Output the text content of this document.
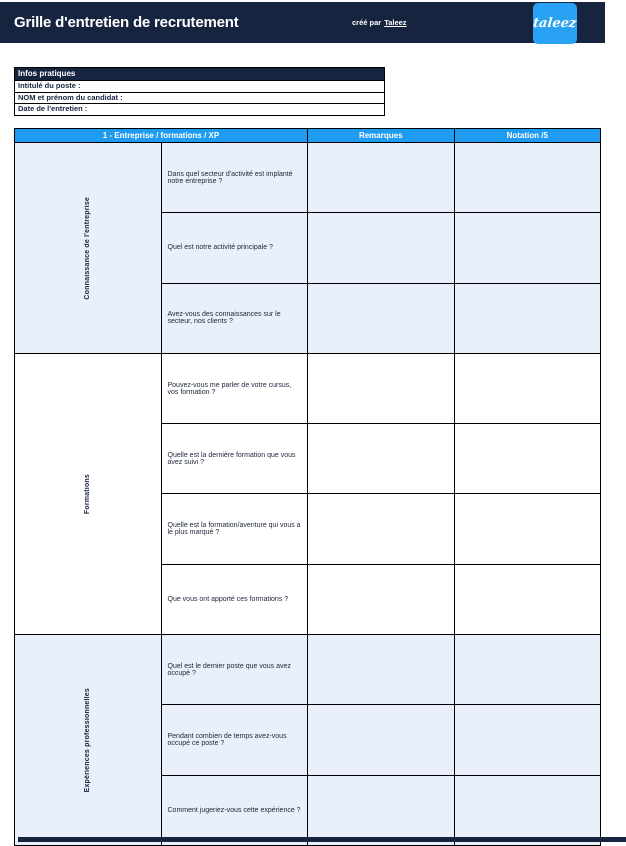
Grille d'entretien de recrutement	créé par Taleez	taleez
Infos pratiques
Intitulé du poste :
NOM et prénom du candidat :
Date de l'entretien :
1 - Entreprise / formations / XP		Remarques	Notation /5

Connaissance de l'entreprise	Dans quel secteur d'activité est implanté notre entreprise ?		
	Quel est notre activité principale ?		
	Avez-vous des connaissances sur le secteur, nos clients ?		

Formations	Pouvez-vous me parler de votre cursus, vos formation ?		
	Quelle est la dernière formation que vous avez suivi ?		
	Quelle est la formation/aventure qui vous a le plus marqué ?		
	Que vous ont apporté ces formations ?		

Expériences professionnelles	Quel est le dernier poste que vous avez occupé ?		
	Pendant combien de temps avez-vous occupé ce poste ?		
	Comment jugeriez-vous cette expérience ?		
